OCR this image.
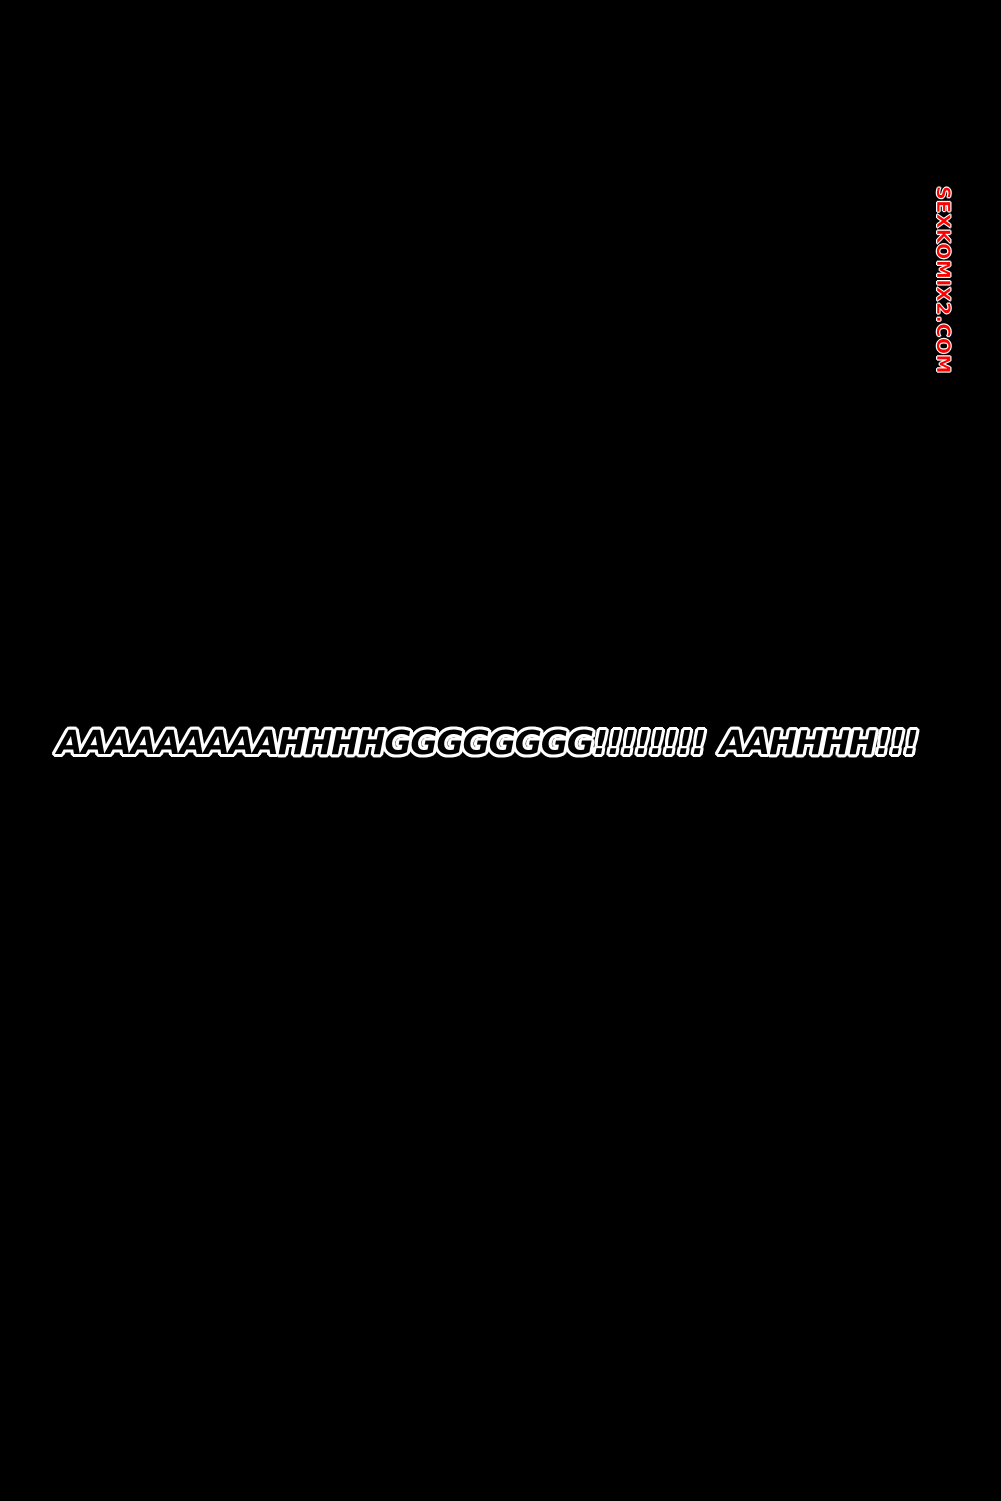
SEXKOMIX2.COM
AAAAAAAAAHHHHGGGGGGGG!!!!!!!! AAHHHH!!!
